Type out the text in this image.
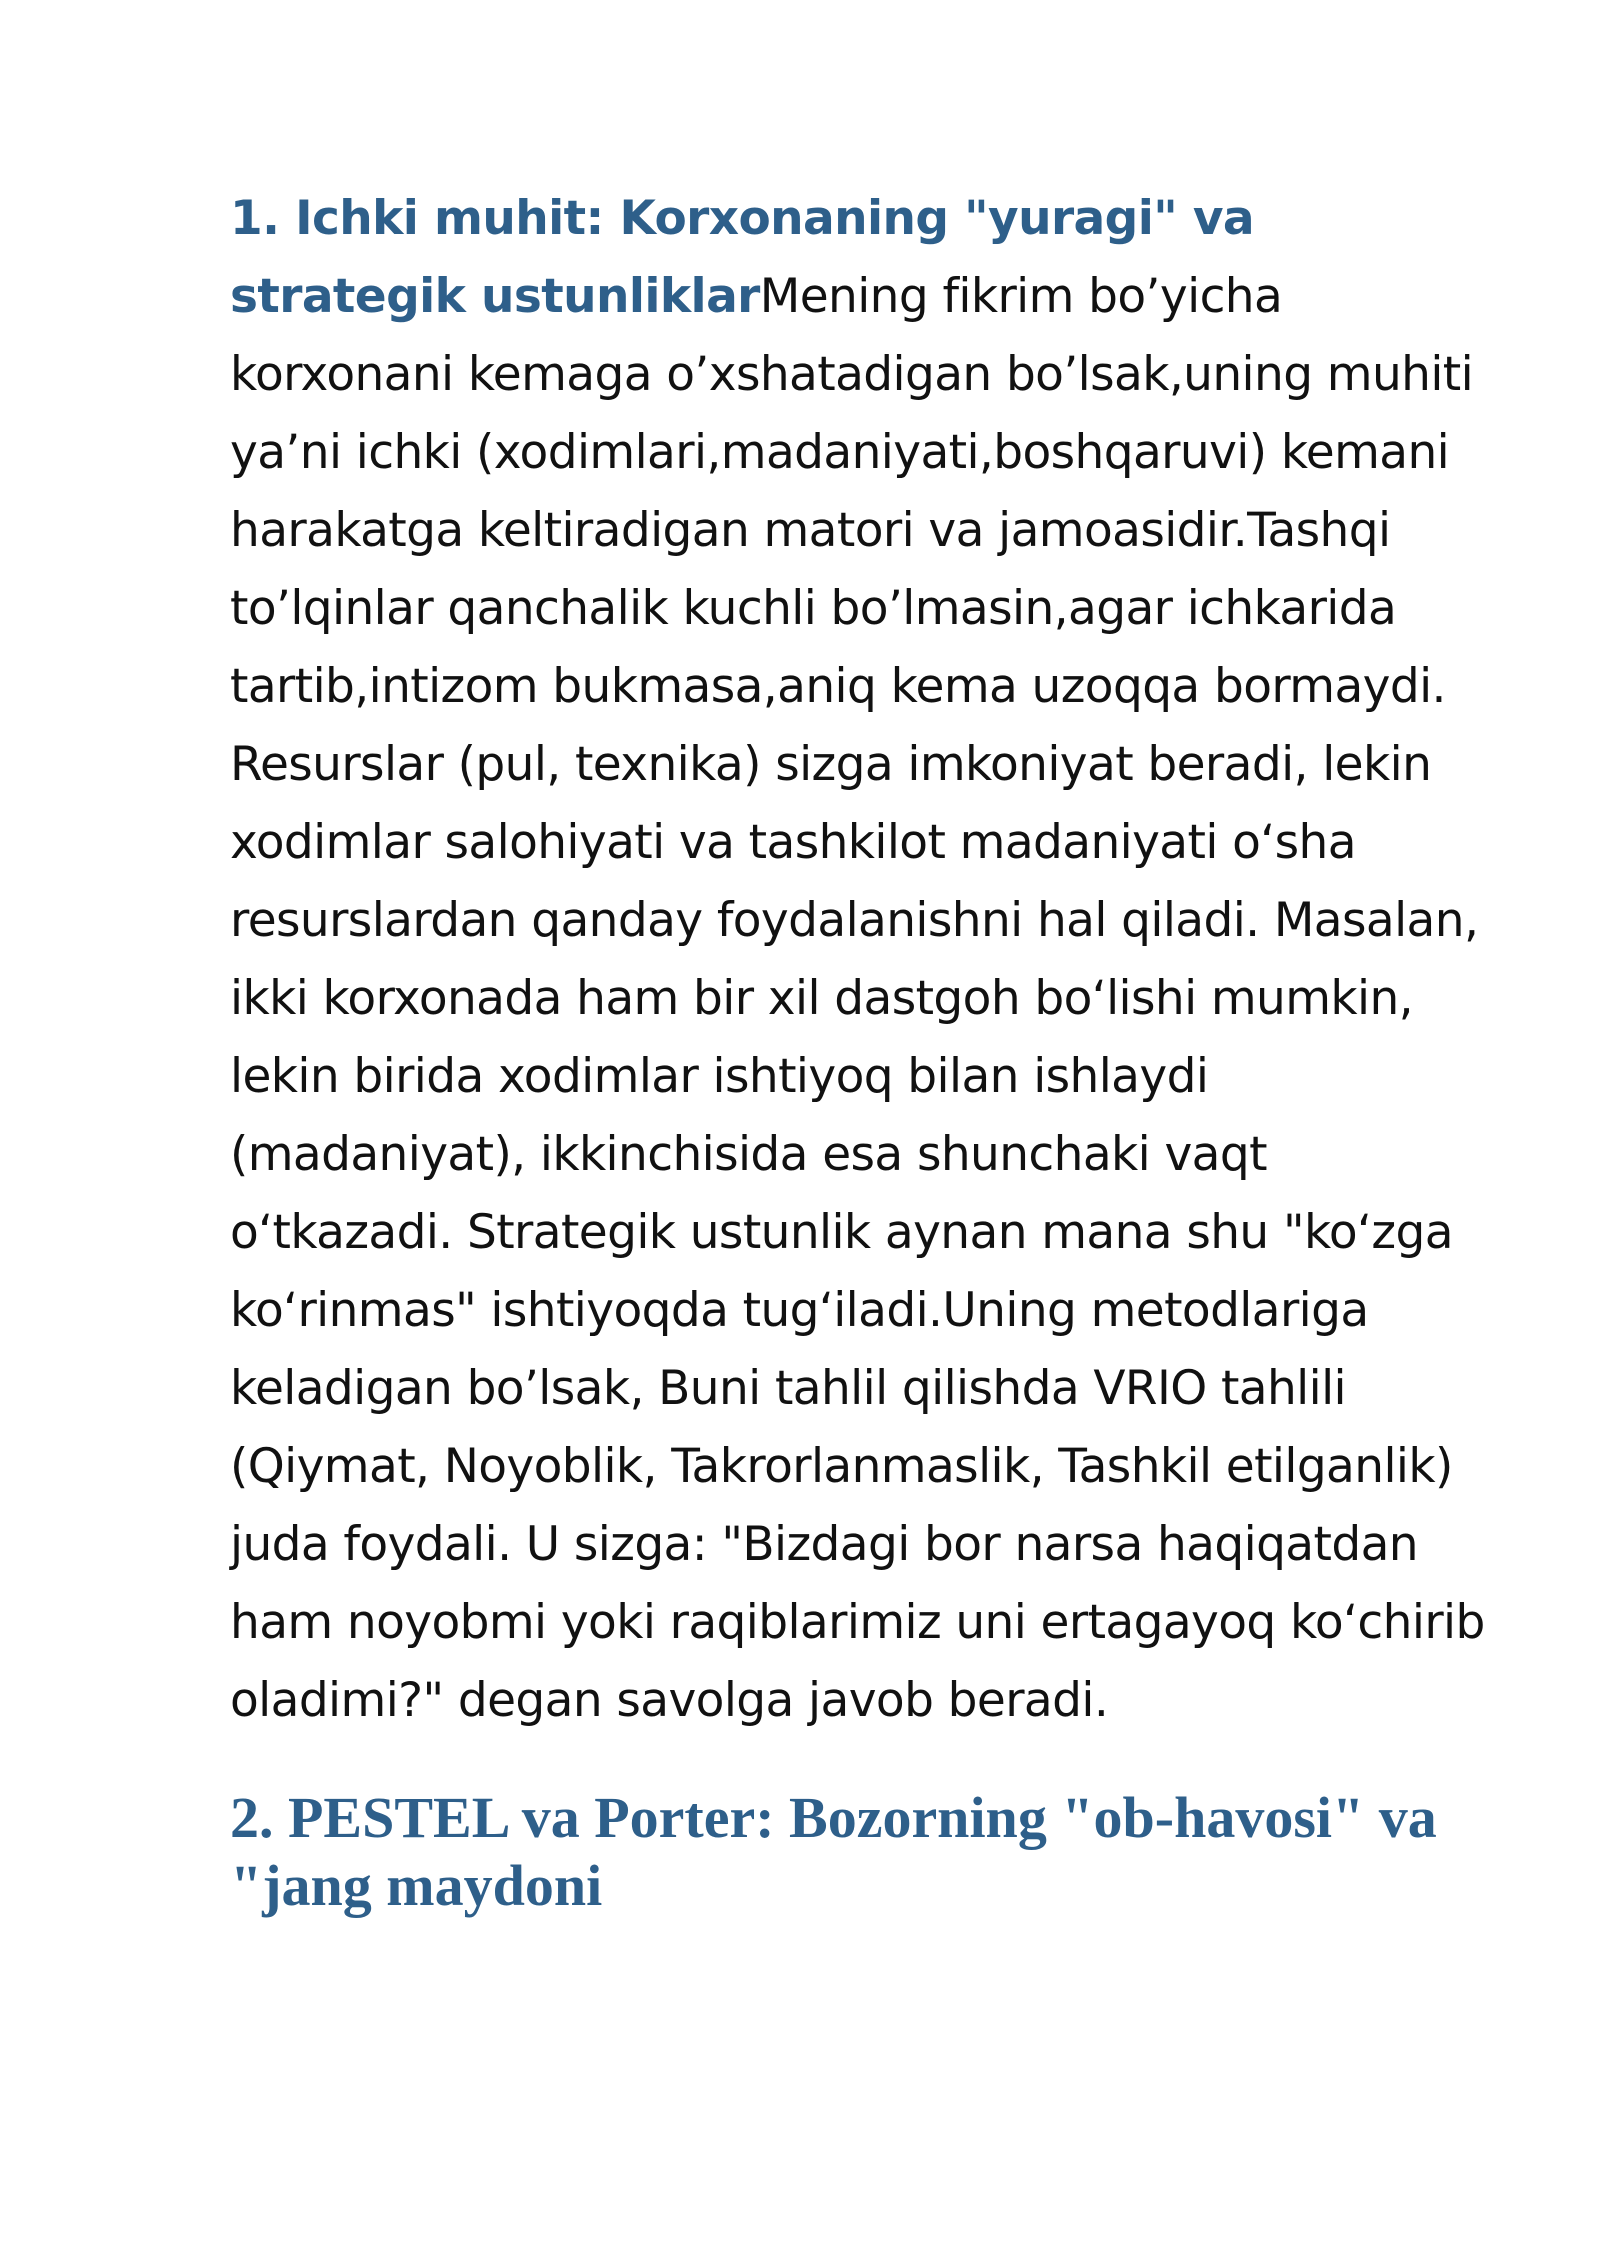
1. Ichki muhit: Korxonaning "yuragi" va strategik ustunliklarMening fikrim bo’yicha korxonani kemaga o’xshatadigan bo’lsak,uning muhiti ya’ni ichki (xodimlari,madaniyati,boshqaruvi) kemani harakatga keltiradigan matori va jamoasidir.Tashqi to’lqinlar qanchalik kuchli bo’lmasin,agar ichkarida tartib,intizom bukmasa,aniq kema uzoqqa bormaydi. Resurslar (pul, texnika) sizga imkoniyat beradi, lekin xodimlar salohiyati va tashkilot madaniyati o‘sha resurslardan qanday foydalanishni hal qiladi. Masalan, ikki korxonada ham bir xil dastgoh bo‘lishi mumkin, lekin birida xodimlar ishtiyoq bilan ishlaydi (madaniyat), ikkinchisida esa shunchaki vaqt o‘tkazadi. Strategik ustunlik aynan mana shu "ko‘zga ko‘rinmas" ishtiyoqda tug‘iladi.Uning metodlariga keladigan bo’lsak, Buni tahlil qilishda VRIO tahlili (Qiymat, Noyoblik, Takrorlanmaslik, Tashkil etilganlik) juda foydali. U sizga: "Bizdagi bor narsa haqiqatdan ham noyobmi yoki raqiblarimiz uni ertagayoq ko‘chirib oladimi?" degan savolga javob beradi.

2. PESTEL va Porter: Bozorning "ob-havosi" va "jang maydoni
